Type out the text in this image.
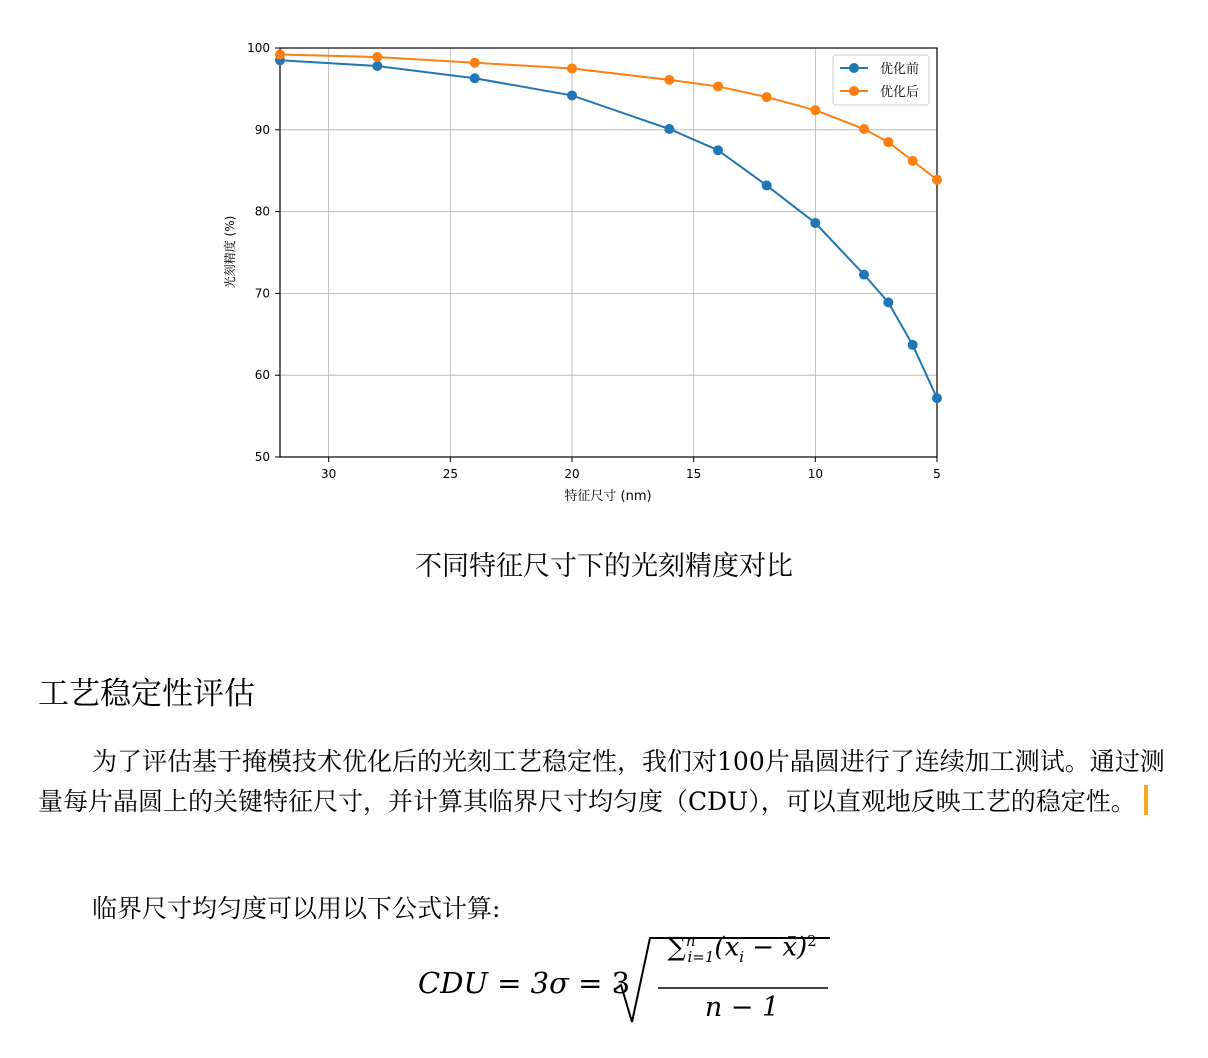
30	25	20	15	10	5
50
60
70
80
90
100
特征尺寸 (nm)
光刻精度 (%)
优化前
优化后
不同特征尺寸下的光刻精度对比
工艺稳定性评估

为了评估基于掩模技术优化后的光刻工艺稳定性，我们对100片晶圆进行了连续加工测试。通过测量每片晶圆上的关键特征尺寸，并计算其临界尺寸均匀度（CDU），可以直观地反映工艺的稳定性。

临界尺寸均匀度可以用以下公式计算:

CDU = 3σ = 3
$\sum^n_{i=1}(x_i$ − x̄)$^2$
n − 1
